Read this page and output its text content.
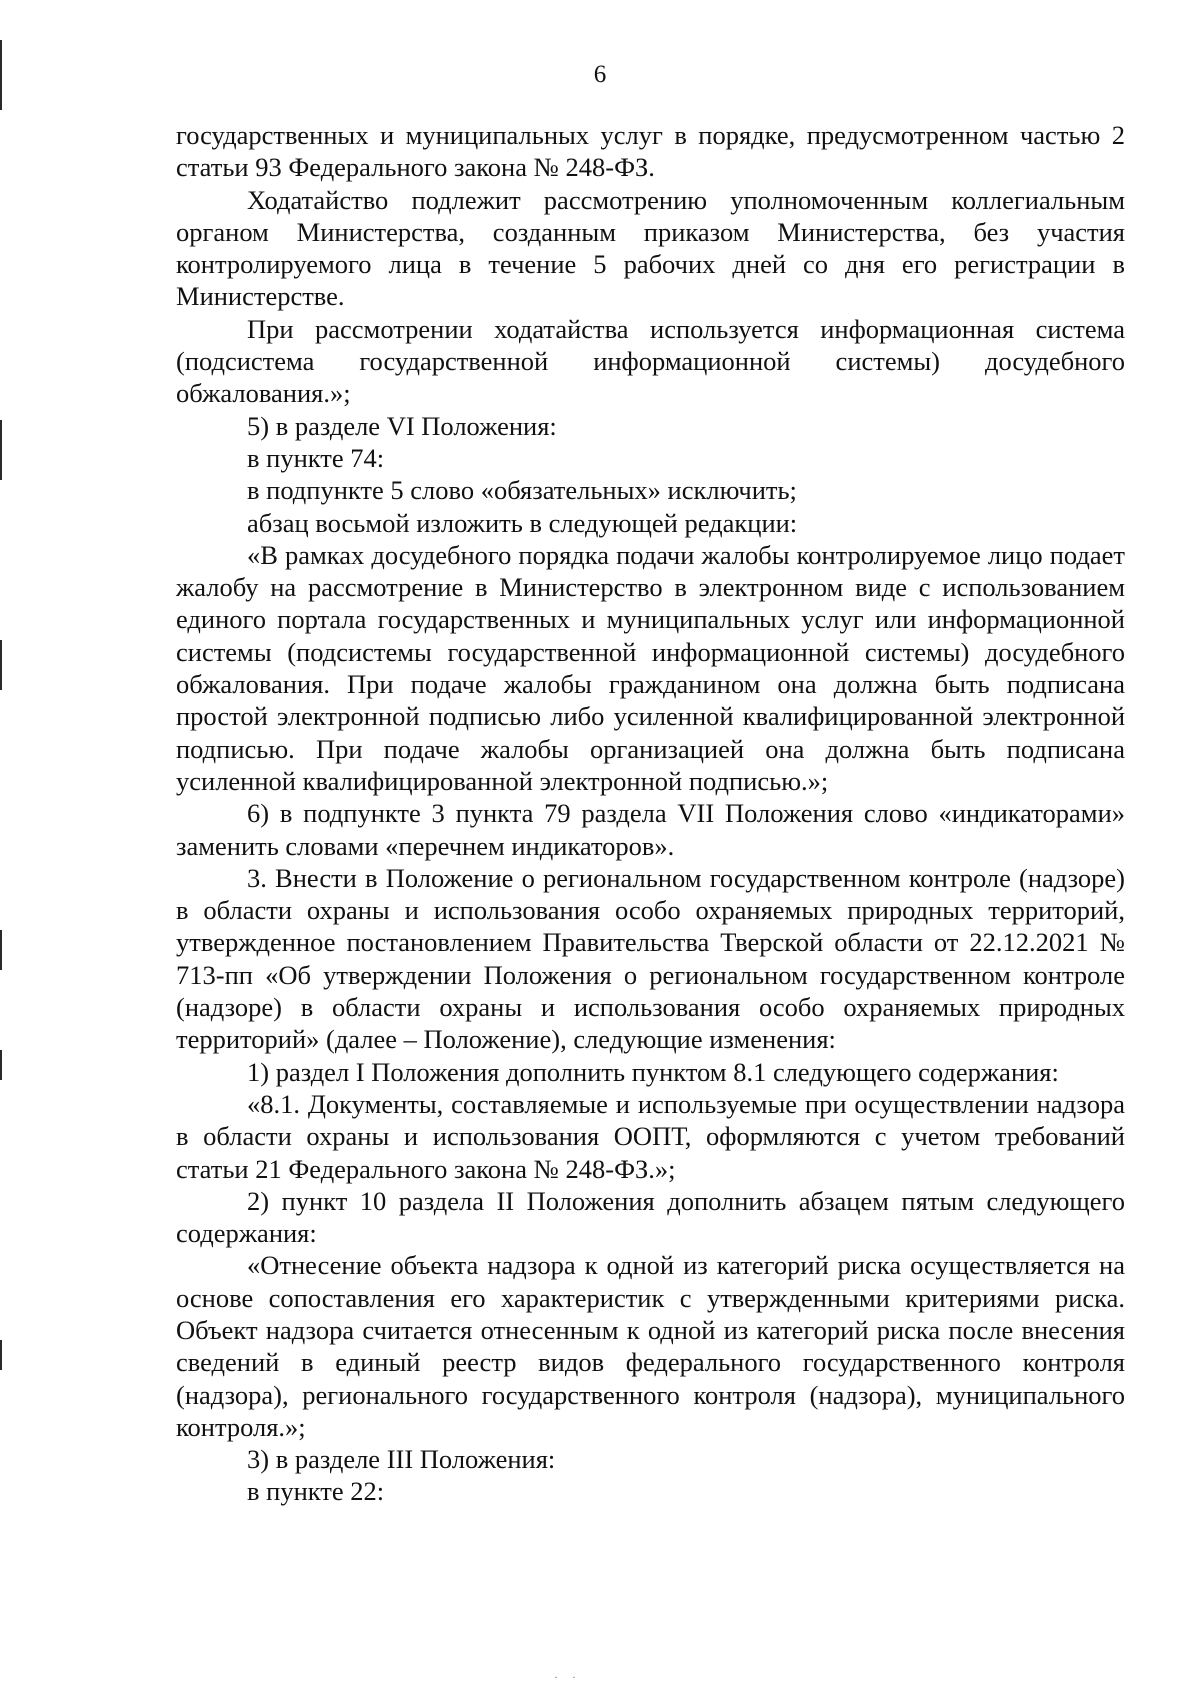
6

государственных и муниципальных услуг в порядке, предусмотренном частью 2 статьи 93 Федерального закона № 248-ФЗ.

Ходатайство подлежит рассмотрению уполномоченным коллегиальным органом Министерства, созданным приказом Министерства, без участия контролируемого лица в течение 5 рабочих дней со дня его регистрации в Министерстве.

При рассмотрении ходатайства используется информационная система (подсистема государственной информационной системы) досудебного обжалования.»;

5) в разделе VI Положения:

в пункте 74:

в подпункте 5 слово «обязательных» исключить;

абзац восьмой изложить в следующей редакции:

«В рамках досудебного порядка подачи жалобы контролируемое лицо подает жалобу на рассмотрение в Министерство в электронном виде с использованием единого портала государственных и муниципальных услуг или информационной системы (подсистемы государственной информационной системы) досудебного обжалования. При подаче жалобы гражданином она должна быть подписана простой электронной подписью либо усиленной квалифицированной электронной подписью. При подаче жалобы организацией она должна быть подписана усиленной квалифицированной электронной подписью.»;

6) в подпункте 3 пункта 79 раздела VII Положения слово «индикаторами» заменить словами «перечнем индикаторов».

3. Внести в Положение о региональном государственном контроле (надзоре) в области охраны и использования особо охраняемых природных территорий, утвержденное постановлением Правительства Тверской области от 22.12.2021 № 713-пп «Об утверждении Положения о региональном государственном контроле (надзоре) в области охраны и использования особо охраняемых природных территорий» (далее – Положение), следующие изменения:

1) раздел I Положения дополнить пунктом 8.1 следующего содержания:

«8.1. Документы, составляемые и используемые при осуществлении надзора в области охраны и использования ООПТ, оформляются с учетом требований статьи 21 Федерального закона № 248-ФЗ.»;

2) пункт 10 раздела II Положения дополнить абзацем пятым следующего содержания:

«Отнесение объекта надзора к одной из категорий риска осуществляется на основе сопоставления его характеристик с утвержденными критериями риска. Объект надзора считается отнесенным к одной из категорий риска после внесения сведений в единый реестр видов федерального государственного контроля (надзора), регионального государственного контроля (надзора), муниципального контроля.»;

3) в разделе III Положения:

в пункте 22:

··
